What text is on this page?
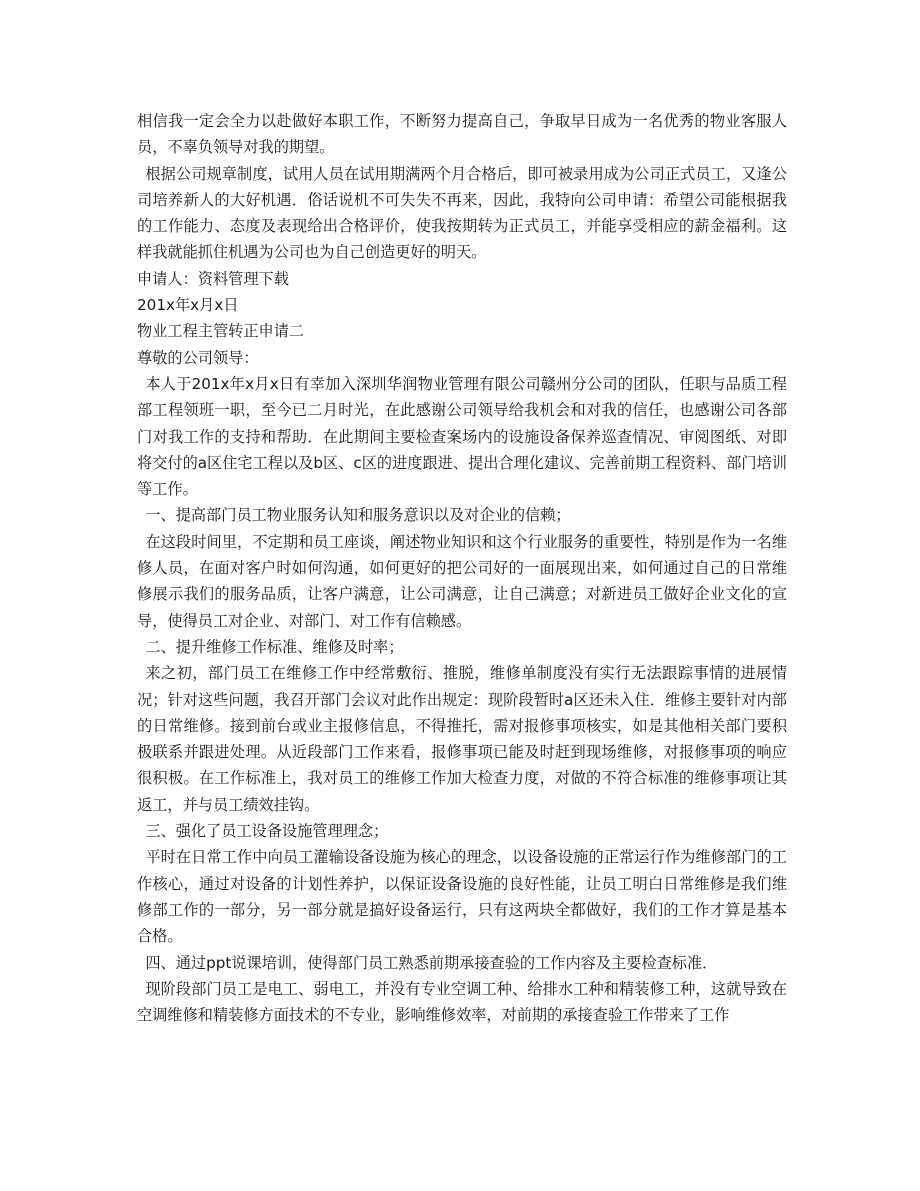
相信我一定会全力以赴做好本职工作，不断努力提高自己，争取早日成为一名优秀的物业客服人员，不辜负领导对我的期望。

根据公司规章制度，试用人员在试用期满两个月合格后，即可被录用成为公司正式员工，又逢公司培养新人的大好机遇．俗话说机不可失失不再来，因此，我特向公司申请：希望公司能根据我的工作能力、态度及表现给出合格评价，使我按期转为正式员工，并能享受相应的薪金福利。这样我就能抓住机遇为公司也为自己创造更好的明天。

申请人：资料管理下载

201x年x月x日

物业工程主管转正申请二

尊敬的公司领导：

本人于201x年x月x日有幸加入深圳华润物业管理有限公司赣州分公司的团队，任职与品质工程部工程领班一职，至今已二月时光，在此感谢公司领导给我机会和对我的信任，也感谢公司各部门对我工作的支持和帮助．在此期间主要检查案场内的设施设备保养巡查情况、审阅图纸、对即将交付的a区住宅工程以及b区、c区的进度跟进、提出合理化建议、完善前期工程资料、部门培训等工作。

一、提高部门员工物业服务认知和服务意识以及对企业的信赖；

在这段时间里，不定期和员工座谈，阐述物业知识和这个行业服务的重要性，特别是作为一名维修人员，在面对客户时如何沟通，如何更好的把公司好的一面展现出来，如何通过自己的日常维修展示我们的服务品质，让客户满意，让公司满意，让自己满意；对新进员工做好企业文化的宣导，使得员工对企业、对部门、对工作有信赖感。

二、提升维修工作标准、维修及时率；

来之初，部门员工在维修工作中经常敷衍、推脱，维修单制度没有实行无法跟踪事情的进展情况；针对这些问题，我召开部门会议对此作出规定：现阶段暂时a区还未入住．维修主要针对内部的日常维修。接到前台或业主报修信息，不得推托，需对报修事项核实，如是其他相关部门要积极联系并跟进处理。从近段部门工作来看，报修事项已能及时赶到现场维修，对报修事项的响应很积极。在工作标准上，我对员工的维修工作加大检查力度，对做的不符合标准的维修事项让其返工，并与员工绩效挂钩。

三、强化了员工设备设施管理理念；

平时在日常工作中向员工灌输设备设施为核心的理念，以设备设施的正常运行作为维修部门的工作核心，通过对设备的计划性养护，以保证设备设施的良好性能，让员工明白日常维修是我们维修部工作的一部分，另一部分就是搞好设备运行，只有这两块全都做好，我们的工作才算是基本合格。

四、通过ppt说课培训，使得部门员工熟悉前期承接查验的工作内容及主要检查标准．

现阶段部门员工是电工、弱电工，并没有专业空调工种、给排水工种和精装修工种，这就导致在空调维修和精装修方面技术的不专业，影响维修效率，对前期的承接查验工作带来了工作
